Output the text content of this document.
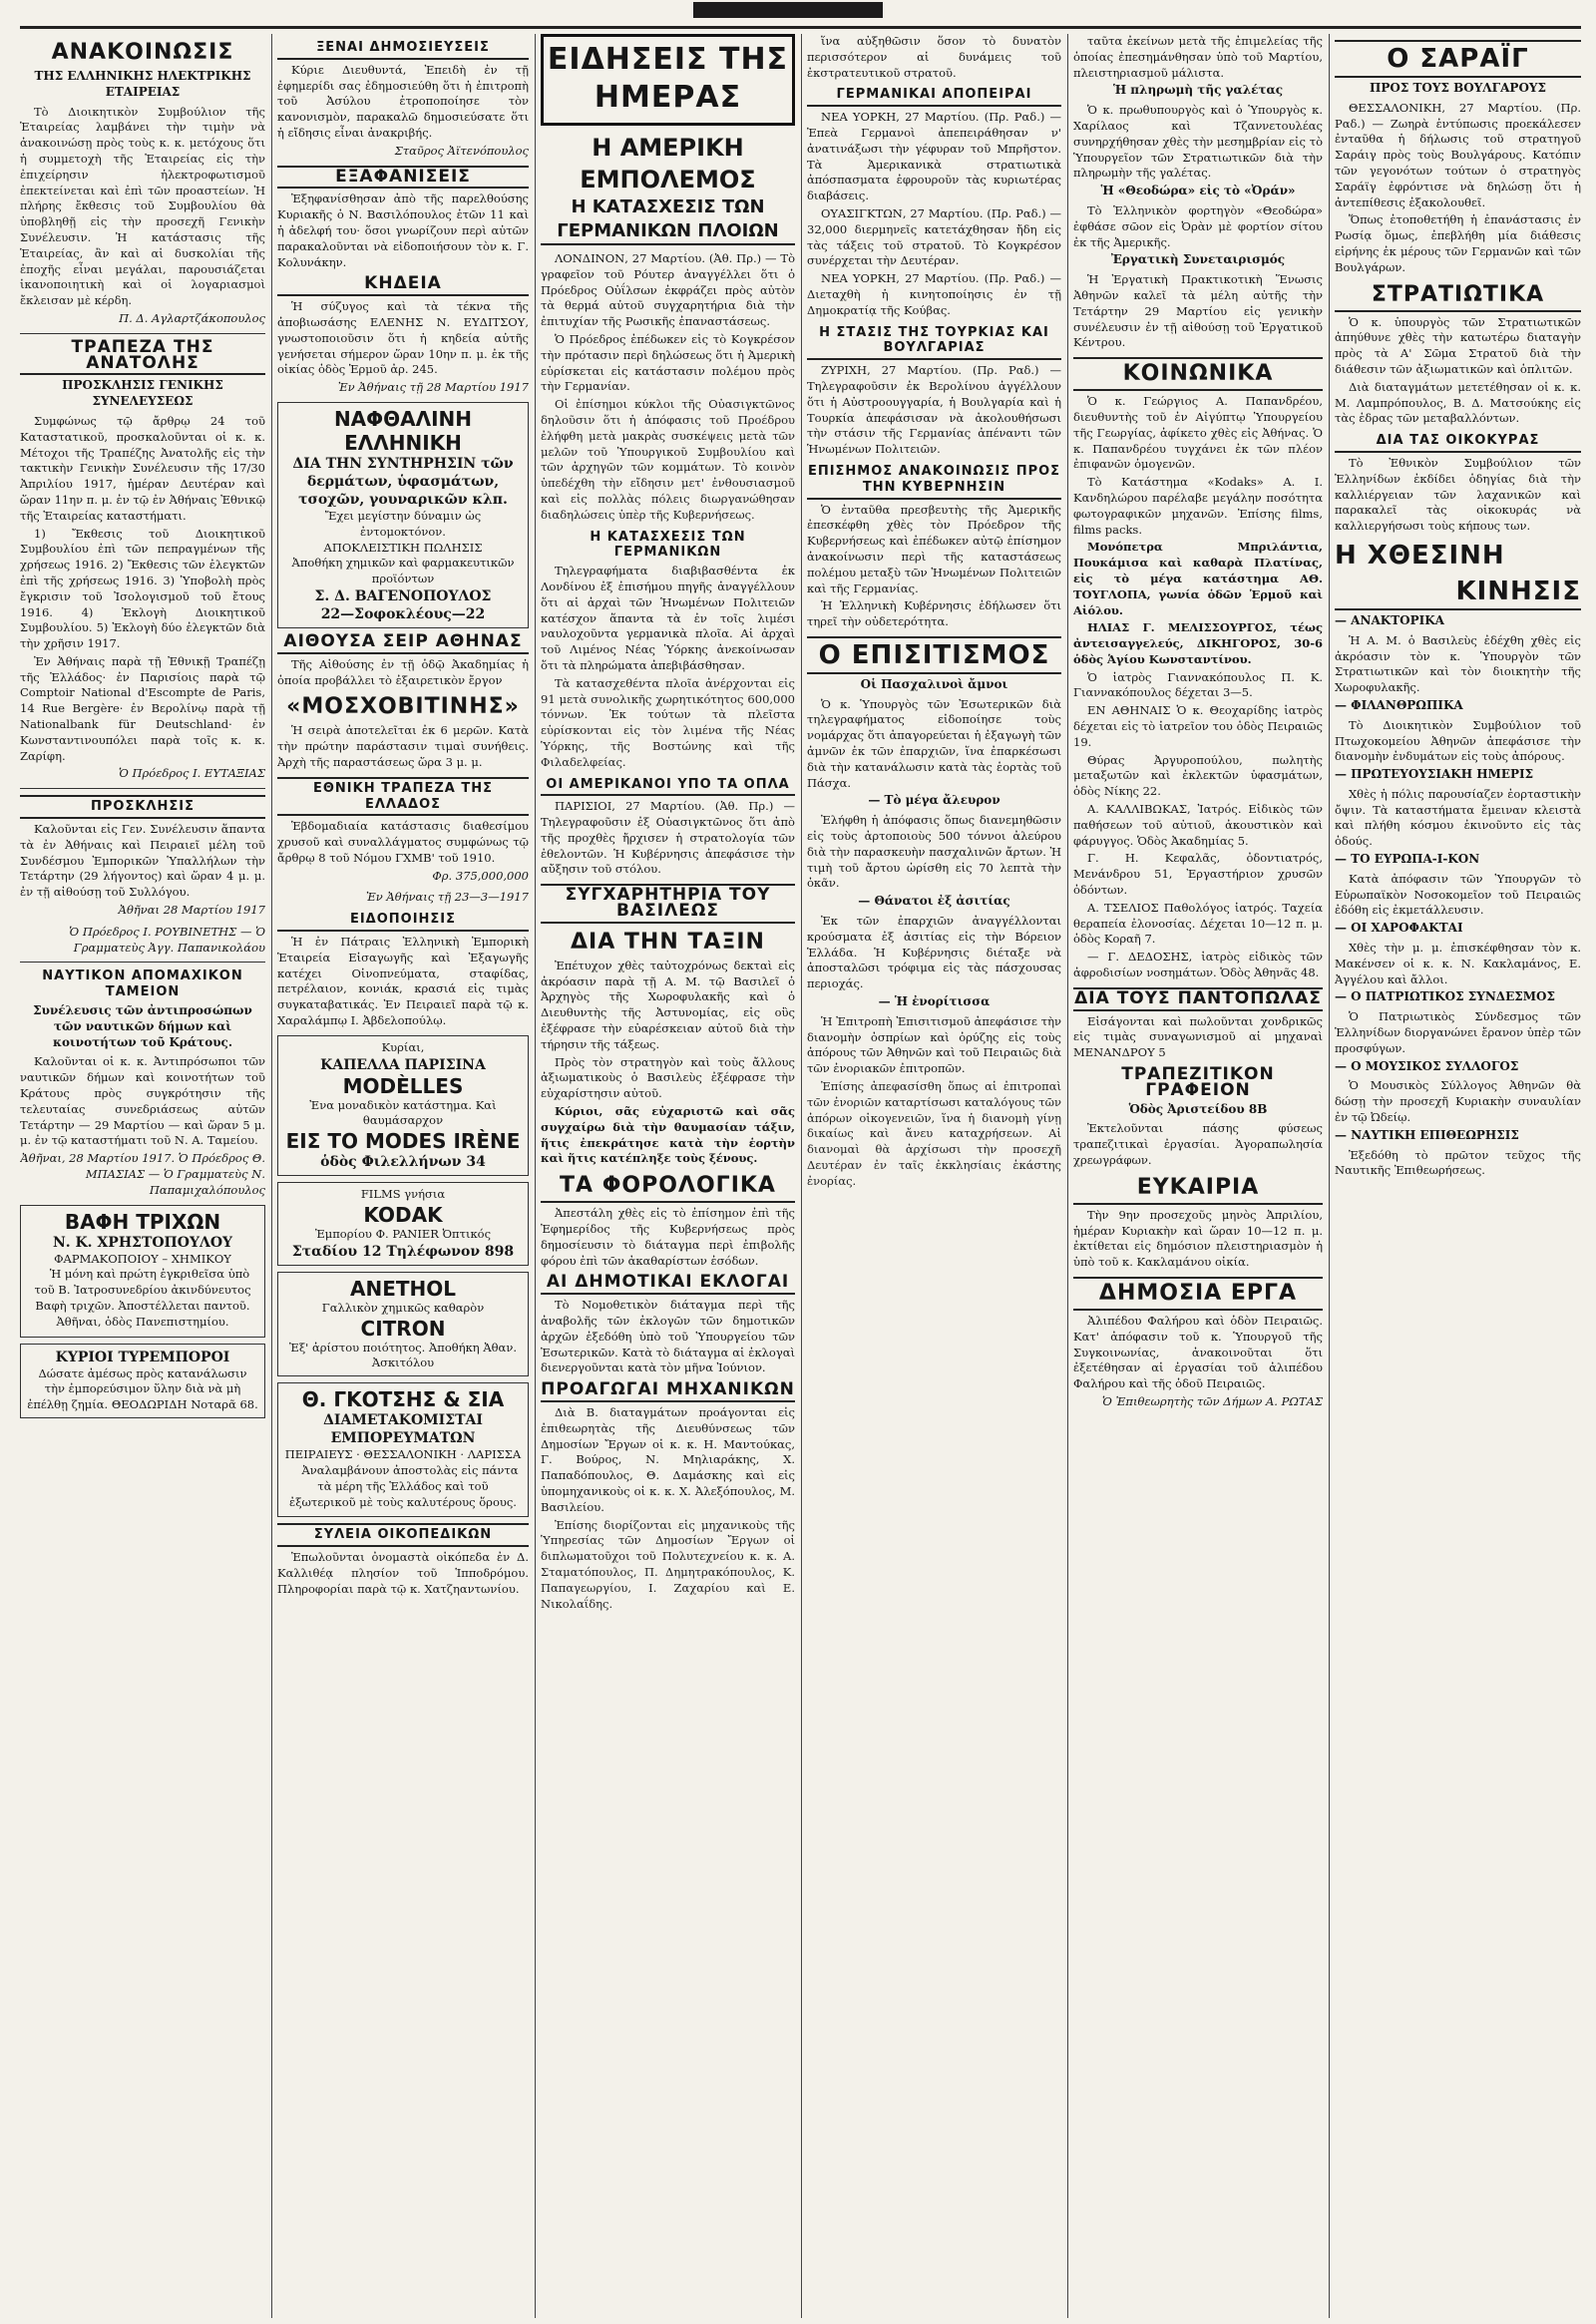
ΑΝΑΚΟΙΝΩΣΙΣ
ΤΗΣ ΕΛΛΗΝΙΚΗΣ ΗΛΕΚΤΡΙΚΗΣ ΕΤΑΙΡΕΙΑΣ

Τὸ Διοικητικὸν Συμβούλιον τῆς Ἑταιρείας λαμβάνει τὴν τιμὴν νὰ ἀνακοινώσῃ πρὸς τοὺς κ. κ. μετόχους ὅτι ἡ συμμετοχὴ τῆς Ἑταιρείας εἰς τὴν ἐπιχείρησιν ἠλεκτροφωτισμοῦ ἐπεκτείνεται καὶ ἐπὶ τῶν προαστείων. Ἡ πλήρης ἔκθεσις τοῦ Συμβουλίου θὰ ὑποβληθῇ εἰς τὴν προσεχῆ Γενικὴν Συνέλευσιν. Ἡ κατάστασις τῆς Ἑταιρείας, ἂν καὶ αἱ δυσκολίαι τῆς ἐποχῆς εἶναι μεγάλαι, παρουσιάζεται ἱκανοποιητικὴ καὶ οἱ λογαριασμοὶ ἔκλεισαν μὲ κέρδη.

Π. Δ. Αγλαρτζάκοπουλος
ΤΡΑΠΕΖΑ ΤΗΣ ΑΝΑΤΟΛΗΣ
ΠΡΟΣΚΛΗΣΙΣ ΓΕΝΙΚΗΣ ΣΥΝΕΛΕΥΣΕΩΣ

Συμφώνως τῷ ἄρθρῳ 24 τοῦ Καταστατικοῦ, προσκαλοῦνται οἱ κ. κ. Μέτοχοι τῆς Τραπέζης Ἀνατολῆς εἰς τὴν τακτικὴν Γενικὴν Συνέλευσιν τῆς 17/30 Ἀπριλίου 1917, ἡμέραν Δευτέραν καὶ ὥραν 11ην π. μ. ἐν τῷ ἐν Ἀθήναις Ἐθνικῷ τῆς Ἑταιρείας καταστήματι.

1) Ἔκθεσις τοῦ Διοικητικοῦ Συμβουλίου ἐπὶ τῶν πεπραγμένων τῆς χρήσεως 1916. 2) Ἔκθεσις τῶν ἐλεγκτῶν ἐπὶ τῆς χρήσεως 1916. 3) Ὑποβολὴ πρὸς ἔγκρισιν τοῦ Ἰσολογισμοῦ τοῦ ἔτους 1916. 4) Ἐκλογὴ Διοικητικοῦ Συμβουλίου. 5) Ἐκλογὴ δύο ἐλεγκτῶν διὰ τὴν χρῆσιν 1917.

Ἐν Ἀθήναις παρὰ τῇ Ἐθνικῇ Τραπέζῃ τῆς Ἑλλάδος· ἐν Παρισίοις παρὰ τῷ Comptoir National d'Escompte de Paris, 14 Rue Bergère· ἐν Βερολίνῳ παρὰ τῇ Nationalbank für Deutschland· ἐν Κωνσταντινουπόλει παρὰ τοῖς κ. κ. Ζαρίφη.

Ὁ Πρόεδρος Ι. ΕΥΤΑΞΙΑΣ
ΠΡΟΣΚΛΗΣΙΣ

Καλοῦνται εἰς Γεν. Συνέλευσιν ἅπαντα τὰ ἐν Ἀθήναις καὶ Πειραιεῖ μέλη τοῦ Συνδέσμου Ἐμπορικῶν Ὑπαλλήλων τὴν Τετάρτην (29 λήγοντος) καὶ ὥραν 4 μ. μ. ἐν τῇ αἰθούσῃ τοῦ Συλλόγου.

Ἀθῆναι 28 Μαρτίου 1917
Ὁ Πρόεδρος Ι. ΡΟΥΒΙΝΕΤΗΣ — Ὁ Γραμματεὺς Ἀγγ. Παπανικολάου
ΝΑΥΤΙΚΟΝ ΑΠΟΜΑΧΙΚΟΝ ΤΑΜΕΙΟΝ
Συνέλευσις τῶν ἀντιπροσώπων τῶν ναυτικῶν δήμων καὶ κοινοτήτων τοῦ Κράτους.

Καλοῦνται οἱ κ. κ. Ἀντιπρόσωποι τῶν ναυτικῶν δήμων καὶ κοινοτήτων τοῦ Κράτους πρὸς συγκρότησιν τῆς τελευταίας συνεδριάσεως αὐτῶν Τετάρτην — 29 Μαρτίου — καὶ ὥραν 5 μ. μ. ἐν τῷ καταστήματι τοῦ Ν. Α. Ταμείου.

Ἀθῆναι, 28 Μαρτίου 1917. Ὁ Πρόεδρος Θ. ΜΠΑΣΙΑΣ — Ὁ Γραμματεὺς Ν. Παπαμιχαλόπουλος
ΒΑΦΗ ΤΡΙΧΩΝ
Ν. Κ. ΧΡΗΣΤΟΠΟΥΛΟΥ
ΦΑΡΜΑΚΟΠΟΙΟΥ – ΧΗΜΙΚΟΥ

Ἡ μόνη καὶ πρώτη ἐγκριθεῖσα ὑπὸ τοῦ Β. Ἰατροσυνεδρίου ἀκινδύνευτος Βαφὴ τριχῶν. Ἀποστέλλεται παντοῦ. Ἀθῆναι, ὁδὸς Πανεπιστημίου.

ΚΥΡΙΟΙ ΤΥΡΕΜΠΟΡΟΙ
Δώσατε ἀμέσως πρὸς κατανάλωσιν τὴν ἐμπορεύσιμον ὕλην διὰ νὰ μὴ ἐπέλθῃ ζημία. ΘΕΟΔΩΡΙΔΗ Νοταρᾶ 68.
ΞΕΝΑΙ ΔΗΜΟΣΙΕΥΣΕΙΣ

Κύριε Διευθυντά, Ἐπειδὴ ἐν τῇ ἐφημερίδι σας ἐδημοσιεύθη ὅτι ἡ ἐπιτροπὴ τοῦ Ἀσύλου ἐτροποποίησε τὸν κανονισμὸν, παρακαλῶ δημοσιεύσατε ὅτι ἡ εἴδησις εἶναι ἀνακριβής.

Σταῦρος Ἀϊτενόπουλος
ΕΞΑΦΑΝΙΣΕΙΣ

Ἐξηφανίσθησαν ἀπὸ τῆς παρελθούσης Κυριακῆς ὁ Ν. Βασιλόπουλος ἐτῶν 11 καὶ ἡ ἀδελφή του· ὅσοι γνωρίζουν περὶ αὐτῶν παρακαλοῦνται νὰ εἰδοποιήσουν τὸν κ. Γ. Κολυνάκην.

ΚΗΔΕΙΑ

Ἡ σύζυγος καὶ τὰ τέκνα τῆς ἀποβιωσάσης ΕΛΕΝΗΣ Ν. ΕΥΔΙΤΣΟΥ, γνωστοποιοῦσιν ὅτι ἡ κηδεία αὐτῆς γενήσεται σήμερον ὥραν 10ην π. μ. ἐκ τῆς οἰκίας ὁδὸς Ἑρμοῦ ἀρ. 245.

Ἐν Ἀθήναις τῇ 28 Μαρτίου 1917
ΝΑΦΘΑΛΙΝΗ ΕΛΛΗΝΙΚΗ
ΔΙΑ ΤΗΝ ΣΥΝΤΗΡΗΣΙΝ τῶν δερμάτων, ὑφασμάτων, τσοχῶν, γουναρικῶν κλπ.
Ἔχει μεγίστην δύναμιν ὡς ἐντομοκτόνον.
ΑΠΟΚΛΕΙΣΤΙΚΗ ΠΩΛΗΣΙΣ
Ἀποθήκη χημικῶν καὶ φαρμακευτικῶν προϊόντων
Σ. Δ. ΒΑΓΕΝΟΠΟΥΛΟΣ
22—Σοφοκλέους—22
ΑΙΘΟΥΣΑ ΣΕΙΡ ΑΘΗΝΑΣ

Τῆς Αἰθούσης ἐν τῇ ὁδῷ Ἀκαδημίας ἡ ὁποία προβάλλει τὸ ἐξαιρετικὸν ἔργον

«ΜΟΣΧΟΒΙΤΙΝΗΣ»

Ἡ σειρὰ ἀποτελεῖται ἐκ 6 μερῶν. Κατὰ τὴν πρώτην παράστασιν τιμαὶ συνήθεις. Ἀρχὴ τῆς παραστάσεως ὥρα 3 μ. μ.

ΕΘΝΙΚΗ ΤΡΑΠΕΖΑ ΤΗΣ ΕΛΛΑΔΟΣ

Ἑβδομαδιαία κατάστασις διαθεσίμου χρυσοῦ καὶ συναλλάγματος συμφώνως τῷ ἄρθρῳ 8 τοῦ Νόμου ΓΧΜΒ' τοῦ 1910.

Φρ. 375,000,000
Ἐν Ἀθήναις τῇ 23—3—1917
ΕΙΔΟΠΟΙΗΣΙΣ

Ἡ ἐν Πάτραις Ἑλληνικὴ Ἐμπορικὴ Ἑταιρεία Εἰσαγωγῆς καὶ Ἐξαγωγῆς κατέχει Οἰνοπνεύματα, σταφίδας, πετρέλαιον, κονιάκ, κρασιά εἰς τιμὰς συγκαταβατικάς. Ἐν Πειραιεῖ παρὰ τῷ κ. Χαραλάμπῳ Ι. Ἀβδελοπούλῳ.

Κυρίαι,
ΚΑΠΕΛΛΑ ΠΑΡΙΣΙΝΑ
MODÈLLES
Ἐνα μοναδικὸν κατάστημα. Καὶ θαυμάσαρχον
ΕΙΣ ΤΟ MODES IRÈNE
ὁδὸς Φιλελλήνων 34
FILMS γνήσια
KODAK
Ἐμπορίου Φ. PANIER Ὀπτικός
Σταδίου 12 Τηλέφωνον 898
ANETHOL
Γαλλικὸν χημικῶς καθαρὸν
CITRON
Ἐξ' ἀρίστου ποιότητος. Ἀποθήκη Ἀθαν. Ἀσκιτόλου
Θ. ΓΚΟΤΣΗΣ & ΣΙΑ
ΔΙΑΜΕΤΑΚΟΜΙΣΤΑΙ ΕΜΠΟΡΕΥΜΑΤΩΝ
ΠΕΙΡΑΙΕΥΣ · ΘΕΣΣΑΛΟΝΙΚΗ · ΛΑΡΙΣΣΑ

Ἀναλαμβάνουν ἀποστολὰς εἰς πάντα τὰ μέρη τῆς Ἑλλάδος καὶ τοῦ ἐξωτερικοῦ μὲ τοὺς καλυτέρους ὅρους.

ΣΥΛΕΙΑ ΟΙΚΟΠΕΔΙΚΩΝ

Ἐπωλοῦνται ὀνομαστὰ οἰκόπεδα ἐν Δ. Καλλιθέᾳ πλησίον τοῦ Ἱπποδρόμου. Πληροφορίαι παρὰ τῷ κ. Χατζηαντωνίου.

ΕΙΔΗΣΕΙΣ ΤΗΣ ΗΜΕΡΑΣ
Η ΑΜΕΡΙΚΗ ΕΜΠΟΛΕΜΟΣ
Η ΚΑΤΑΣΧΕΣΙΣ ΤΩΝ ΓΕΡΜΑΝΙΚΩΝ ΠΛΟΙΩΝ

ΛΟΝΔΙΝΟΝ, 27 Μαρτίου. (Ἀθ. Πρ.) — Τὸ γραφεῖον τοῦ Ρόυτερ ἀναγγέλλει ὅτι ὁ Πρόεδρος Οὐΐλσων ἐκφράζει πρὸς αὐτὸν τὰ θερμά αὐτοῦ συγχαρητήρια διὰ τὴν ἐπιτυχίαν τῆς Ρωσικῆς ἐπαναστάσεως.

Ὁ Πρόεδρος ἐπέδωκεν εἰς τὸ Κογκρέσον τὴν πρότασιν περὶ δηλώσεως ὅτι ἡ Ἀμερικὴ εὑρίσκεται εἰς κατάστασιν πολέμου πρὸς τὴν Γερμανίαν.

Οἱ ἐπίσημοι κύκλοι τῆς Οὐασιγκτῶνος δηλοῦσιν ὅτι ἡ ἀπόφασις τοῦ Προέδρου ἐλήφθη μετὰ μακρὰς συσκέψεις μετὰ τῶν μελῶν τοῦ Ὑπουργικοῦ Συμβουλίου καὶ τῶν ἀρχηγῶν τῶν κομμάτων. Τὸ κοινὸν ὑπεδέχθη τὴν εἴδησιν μετ' ἐνθουσιασμοῦ καὶ εἰς πολλὰς πόλεις διωργανώθησαν διαδηλώσεις ὑπὲρ τῆς Κυβερνήσεως.

Η ΚΑΤΑΣΧΕΣΙΣ ΤΩΝ ΓΕΡΜΑΝΙΚΩΝ

Τηλεγραφήματα διαβιβασθέντα ἐκ Λονδίνου ἐξ ἐπισήμου πηγῆς ἀναγγέλλουν ὅτι αἱ ἀρχαὶ τῶν Ἡνωμένων Πολιτειῶν κατέσχον ἅπαντα τὰ ἐν τοῖς λιμέσι ναυλοχοῦντα γερμανικὰ πλοῖα. Αἱ ἀρχαὶ τοῦ Λιμένος Νέας Ὑόρκης ἀνεκοίνωσαν ὅτι τὰ πληρώματα ἀπεβιβάσθησαν.

Τὰ κατασχεθέντα πλοῖα ἀνέρχονται εἰς 91 μετὰ συνολικῆς χωρητικότητος 600,000 τόννων. Ἐκ τούτων τὰ πλεῖστα εὑρίσκονται εἰς τὸν λιμένα τῆς Νέας Ὑόρκης, τῆς Βοστώνης καὶ τῆς Φιλαδελφείας.

ΟΙ ΑΜΕΡΙΚΑΝΟΙ ΥΠΟ ΤΑ ΟΠΛΑ

ΠΑΡΙΣΙΟΙ, 27 Μαρτίου. (Ἀθ. Πρ.) — Τηλεγραφοῦσιν ἐξ Οὐασιγκτῶνος ὅτι ἀπὸ τῆς προχθὲς ἤρχισεν ἡ στρατολογία τῶν ἐθελοντῶν. Ἡ Κυβέρνησις ἀπεφάσισε τὴν αὔξησιν τοῦ στόλου.

ΣΥΓΧΑΡΗΤΗΡΙΑ ΤΟΥ ΒΑΣΙΛΕΩΣ
ΔΙΑ ΤΗΝ ΤΑΞΙΝ

Ἐπέτυχον χθὲς ταὐτοχρόνως δεκταὶ εἰς ἀκρόασιν παρὰ τῇ Α. Μ. τῷ Βασιλεῖ ὁ Ἀρχηγὸς τῆς Χωροφυλακῆς καὶ ὁ Διευθυντὴς τῆς Ἀστυνομίας, εἰς οὓς ἐξέφρασε τὴν εὐαρέσκειαν αὐτοῦ διὰ τὴν τήρησιν τῆς τάξεως.

Πρὸς τὸν στρατηγὸν καὶ τοὺς ἄλλους ἀξιωματικοὺς ὁ Βασιλεὺς ἐξέφρασε τὴν εὐχαρίστησιν αὐτοῦ.

Κύριοι, σᾶς εὐχαριστῶ καὶ σᾶς συγχαίρω διὰ τὴν θαυμασίαν τάξιν, ἥτις ἐπεκράτησε κατὰ τὴν ἑορτὴν καὶ ἥτις κατέπληξε τοὺς ξένους.

ΤΑ ΦΟΡΟΛΟΓΙΚΑ

Ἀπεστάλη χθὲς εἰς τὸ ἐπίσημον ἐπὶ τῆς Ἐφημερίδος τῆς Κυβερνήσεως πρὸς δημοσίευσιν τὸ διάταγμα περὶ ἐπιβολῆς φόρου ἐπὶ τῶν ἀκαθαρίστων ἐσόδων.

ΑΙ ΔΗΜΟΤΙΚΑΙ ΕΚΛΟΓΑΙ

Τὸ Νομοθετικὸν διάταγμα περὶ τῆς ἀναβολῆς τῶν ἐκλογῶν τῶν δημοτικῶν ἀρχῶν ἐξεδόθη ὑπὸ τοῦ Ὑπουργείου τῶν Ἐσωτερικῶν. Κατὰ τὸ διάταγμα αἱ ἐκλογαὶ διενεργοῦνται κατὰ τὸν μῆνα Ἰούνιον.

ΠΡΟΑΓΩΓΑΙ ΜΗΧΑΝΙΚΩΝ

Διὰ Β. διαταγμάτων προάγονται εἰς ἐπιθεωρητὰς τῆς Διευθύνσεως τῶν Δημοσίων Ἔργων οἱ κ. κ. Η. Μαντούκας, Γ. Βούρος, Ν. Μηλιαράκης, Χ. Παπαδόπουλος, Θ. Δαμάσκης καὶ εἰς ὑπομηχανικοὺς οἱ κ. κ. Χ. Ἀλεξόπουλος, Μ. Βασιλείου.

Ἐπίσης διορίζονται εἰς μηχανικοὺς τῆς Ὑπηρεσίας τῶν Δημοσίων Ἔργων οἱ διπλωματοῦχοι τοῦ Πολυτεχνείου κ. κ. Α. Σταματόπουλος, Π. Δημητρακόπουλος, Κ. Παπαγεωργίου, Ι. Ζαχαρίου καὶ Ε. Νικολαΐδης.

ἵνα αὐξηθῶσιν ὅσον τὸ δυνατὸν περισσότερον αἱ δυνάμεις τοῦ ἐκστρατευτικοῦ στρατοῦ.

ΓΕΡΜΑΝΙΚΑΙ ΑΠΟΠΕΙΡΑΙ

ΝΕΑ ΥΟΡΚΗ, 27 Μαρτίου. (Πρ. Ραδ.) — Ἐπεὰ Γερμανοὶ ἀπεπειράθησαν ν' ἀνατινάξωσι τὴν γέφυραν τοῦ Μπρῆστον. Τὰ Ἀμερικανικὰ στρατιωτικὰ ἀπόσπασματα ἐφρουροῦν τὰς κυριωτέρας διαβάσεις.

ΟΥΑΣΙΓΚΤΩΝ, 27 Μαρτίου. (Πρ. Ραδ.) — 32,000 διερμηνεῖς κατετάχθησαν ἤδη εἰς τὰς τάξεις τοῦ στρατοῦ. Τὸ Κογκρέσον συνέρχεται τὴν Δευτέραν.

ΝΕΑ ΥΟΡΚΗ, 27 Μαρτίου. (Πρ. Ραδ.) — Διεταχθὴ ἡ κινητοποίησις ἐν τῇ Δημοκρατίᾳ τῆς Κούβας.

Η ΣΤΑΣΙΣ ΤΗΣ ΤΟΥΡΚΙΑΣ ΚΑΙ ΒΟΥΛΓΑΡΙΑΣ

ΖΥΡΙΧΗ, 27 Μαρτίου. (Πρ. Ραδ.) — Τηλεγραφοῦσιν ἐκ Βερολίνου ἀγγέλλουν ὅτι ἡ Αὐστροουγγαρία, ἡ Βουλγαρία καὶ ἡ Τουρκία ἀπεφάσισαν νὰ ἀκολουθήσωσι τὴν στάσιν τῆς Γερμανίας ἀπέναντι τῶν Ἡνωμένων Πολιτειῶν.

ΕΠΙΣΗΜΟΣ ΑΝΑΚΟΙΝΩΣΙΣ ΠΡΟΣ ΤΗΝ ΚΥΒΕΡΝΗΣΙΝ

Ὁ ἐνταῦθα πρεσβευτὴς τῆς Ἀμερικῆς ἐπεσκέφθη χθὲς τὸν Πρόεδρον τῆς Κυβερνήσεως καὶ ἐπέδωκεν αὐτῷ ἐπίσημον ἀνακοίνωσιν περὶ τῆς καταστάσεως πολέμου μεταξὺ τῶν Ἡνωμένων Πολιτειῶν καὶ τῆς Γερμανίας.

Ἡ Ἑλληνικὴ Κυβέρνησις ἐδήλωσεν ὅτι τηρεῖ τὴν οὐδετερότητα.

Ο ΕΠΙΣΙΤΙΣΜΟΣ
Οἱ Πασχαλινοὶ ἄμνοι

Ὁ κ. Ὑπουργὸς τῶν Ἐσωτερικῶν διὰ τηλεγραφήματος εἰδοποίησε τοὺς νομάρχας ὅτι ἀπαγορεύεται ἡ ἐξαγωγὴ τῶν ἀμνῶν ἐκ τῶν ἐπαρχιῶν, ἵνα ἐπαρκέσωσι διὰ τὴν κατανάλωσιν κατὰ τὰς ἑορτὰς τοῦ Πάσχα.

— Τὸ μέγα ἄλευρον

Ἐλήφθη ἡ ἀπόφασις ὅπως διανεμηθῶσιν εἰς τοὺς ἀρτοποιοὺς 500 τόννοι ἀλεύρου διὰ τὴν παρασκευὴν πασχαλινῶν ἄρτων. Ἡ τιμὴ τοῦ ἄρτου ὡρίσθη εἰς 70 λεπτὰ τὴν ὀκᾶν.

— Θάνατοι ἐξ ἀσιτίας

Ἐκ τῶν ἐπαρχιῶν ἀναγγέλλονται κρούσματα ἐξ ἀσιτίας εἰς τὴν Βόρειον Ἑλλάδα. Ἡ Κυβέρνησις διέταξε νὰ ἀποσταλῶσι τρόφιμα εἰς τὰς πάσχουσας περιοχάς.

— Ἡ ἐνορίτισσα

Ἡ Ἐπιτροπὴ Ἐπισιτισμοῦ ἀπεφάσισε τὴν διανομὴν ὀσπρίων καὶ ὀρύζης εἰς τοὺς ἀπόρους τῶν Ἀθηνῶν καὶ τοῦ Πειραιῶς διὰ τῶν ἐνοριακῶν ἐπιτροπῶν.

Ἐπίσης ἀπεφασίσθη ὅπως αἱ ἐπιτροπαὶ τῶν ἐνοριῶν καταρτίσωσι καταλόγους τῶν ἀπόρων οἰκογενειῶν, ἵνα ἡ διανομὴ γίνῃ δικαίως καὶ ἄνευ καταχρήσεων. Αἱ διανομαὶ θὰ ἀρχίσωσι τὴν προσεχῆ Δευτέραν ἐν ταῖς ἐκκλησίαις ἑκάστης ἐνορίας.

ταῦτα ἐκείνων μετὰ τῆς ἐπιμελείας τῆς ὁποίας ἐπεσημάνθησαν ὑπὸ τοῦ Μαρτίου, πλειστηριασμοῦ μάλιστα.

Ἡ πληρωμὴ τῆς γαλέτας

Ὁ κ. πρωθυπουργὸς καὶ ὁ Ὑπουργὸς κ. Χαρίλαος καὶ Τζαννετουλέας συνηρχήθησαν χθὲς τὴν μεσημβρίαν εἰς τὸ Ὑπουργεῖον τῶν Στρατιωτικῶν διὰ τὴν πληρωμὴν τῆς γαλέτας.

Ἡ «Θεοδώρα» εἰς τὸ «Ὀράν»

Τὸ Ἑλληνικὸν φορτηγὸν «Θεοδώρα» ἐφθάσε σῶον εἰς Ὀρὰν μὲ φορτίον σίτου ἐκ τῆς Ἀμερικῆς.

Ἐργατικὴ Συνεταιρισμός

Ἡ Ἐργατικὴ Πρακτικοτικὴ Ἕνωσις Ἀθηνῶν καλεῖ τὰ μέλη αὐτῆς τὴν Τετάρτην 29 Μαρτίου εἰς γενικὴν συνέλευσιν ἐν τῇ αἰθούσῃ τοῦ Ἐργατικοῦ Κέντρου.

ΚΟΙΝΩΝΙΚΑ

Ὁ κ. Γεώργιος Α. Παπανδρέου, διευθυντὴς τοῦ ἐν Αἰγύπτῳ Ὑπουργείου τῆς Γεωργίας, ἀφίκετο χθὲς εἰς Ἀθήνας. Ὁ κ. Παπανδρέου τυγχάνει ἐκ τῶν πλέον ἐπιφανῶν ὁμογενῶν.

Τὸ Κατάστημα «Kodaks» Α. Ι. Κανδηλώρου παρέλαβε μεγάλην ποσότητα φωτογραφικῶν μηχανῶν. Ἐπίσης films, films packs.

Μονόπετρα Μπριλάντια, Πουκάμισα καὶ καθαρὰ Πλατίνας, εἰς τὸ μέγα κατάστημα ΑΘ. ΤΟΥΓΛΟΠΑ, γωνία ὁδῶν Ἑρμοῦ καὶ Αἰόλου.

ΗΛΙΑΣ Γ. ΜΕΛΙΣΣΟΥΡΓΟΣ, τέως ἀντεισαγγελεύς, ΔΙΚΗΓΟΡΟΣ, 30-6 ὁδὸς Ἁγίου Κωνσταντίνου.

Ὁ ἰατρὸς Γιαννακόπουλος Π. Κ. Γιαννακόπουλος δέχεται 3—5.

ΕΝ ΑΘΗΝΑΙΣ Ὁ κ. Θεοχαρίδης ἰατρὸς δέχεται εἰς τὸ ἰατρεῖον του ὁδὸς Πειραιῶς 19.

Θύρας Ἀργυροπούλου, πωλητὴς μεταξωτῶν καὶ ἐκλεκτῶν ὑφασμάτων, ὁδὸς Νίκης 22.

Α. ΚΑΛΛΙΒΩΚΑΣ, Ἰατρός. Εἰδικὸς τῶν παθήσεων τοῦ αὐτιοῦ, ἀκουστικὸν καὶ φάρυγγος. Ὁδὸς Ἀκαδημίας 5.

Γ. Η. Κεφαλᾶς, ὀδοντιατρός, Μενάνδρου 51, Ἐργαστήριον χρυσῶν ὀδόντων.

Α. ΤΣΕΛΙΟΣ Παθολόγος ἰατρός. Ταχεία θεραπεία ἐλονοσίας. Δέχεται 10—12 π. μ. ὁδὸς Κοραῆ 7.

— Γ. ΔΕΔΟΣΗΣ, ἰατρὸς εἰδικὸς τῶν ἀφροδισίων νοσημάτων. Ὁδὸς Ἀθηνᾶς 48.

ΔΙΑ ΤΟΥΣ ΠΑΝΤΟΠΩΛΑΣ

Εἰσάγονται καὶ πωλοῦνται χονδρικῶς εἰς τιμὰς συναγωνισμοῦ αἱ μηχαναὶ ΜΕΝΑΝΔΡΟΥ 5

ΤΡΑΠΕΖΙΤΙΚΟΝ ΓΡΑΦΕΙΟΝ
Ὁδὸς Ἀριστείδου 8Β

Ἐκτελοῦνται πάσης φύσεως τραπεζιτικαὶ ἐργασίαι. Ἀγοραπωλησία χρεωγράφων.

ΕΥΚΑΙΡΙΑ

Τὴν 9ην προσεχοῦς μηνὸς Ἀπριλίου, ἡμέραν Κυριακὴν καὶ ὥραν 10—12 π. μ. ἐκτίθεται εἰς δημόσιον πλειστηριασμὸν ἡ ὑπὸ τοῦ κ. Κακλαμάνου οἰκία.

ΔΗΜΟΣΙΑ ΕΡΓΑ

Ἀλιπέδου Φαλήρου καὶ ὁδὸν Πειραιῶς. Κατ' ἀπόφασιν τοῦ κ. Ὑπουργοῦ τῆς Συγκοινωνίας, ἀνακοινοῦται ὅτι ἐξετέθησαν αἱ ἐργασίαι τοῦ ἀλιπέδου Φαλήρου καὶ τῆς ὁδοῦ Πειραιῶς.

Ὁ Ἐπιθεωρητὴς τῶν Δήμων Α. ΡΩΤΑΣ
Ο ΣΑΡΑΪΓ
ΠΡΟΣ ΤΟΥΣ ΒΟΥΛΓΑΡΟΥΣ

ΘΕΣΣΑΛΟΝΙΚΗ, 27 Μαρτίου. (Πρ. Ραδ.) — Ζωηρὰ ἐντύπωσις προεκάλεσεν ἐνταῦθα ἡ δήλωσις τοῦ στρατηγοῦ Σαράιγ πρὸς τοὺς Βουλγάρους. Κατόπιν τῶν γεγονότων τούτων ὁ στρατηγὸς Σαράϊγ ἐφρόντισε νὰ δηλώσῃ ὅτι ἡ ἀντεπίθεσις ἐξακολουθεῖ.

Ὅπως ἐτοποθετήθη ἡ ἐπανάστασις ἐν Ρωσίᾳ ὅμως, ἐπεβλήθη μία διάθεσις εἰρήνης ἐκ μέρους τῶν Γερμανῶν καὶ τῶν Βουλγάρων.

ΣΤΡΑΤΙΩΤΙΚΑ

Ὁ κ. ὑπουργὸς τῶν Στρατιωτικῶν ἀπηύθυνε χθὲς τὴν κατωτέρω διαταγὴν πρὸς τὰ Α' Σῶμα Στρατοῦ διὰ τὴν διάθεσιν τῶν ἀξιωματικῶν καὶ ὁπλιτῶν.

Διὰ διαταγμάτων μετετέθησαν οἱ κ. κ. Μ. Λαμπρόπουλος, Β. Δ. Ματσούκης εἰς τὰς ἑδρας τῶν μεταβαλλόντων.

ΔΙΑ ΤΑΣ ΟΙΚΟΚΥΡΑΣ

Τὸ Ἐθνικὸν Συμβούλιον τῶν Ἑλληνίδων ἐκδίδει ὁδηγίας διὰ τὴν καλλιέργειαν τῶν λαχανικῶν καὶ παρακαλεῖ τὰς οἰκοκυράς νὰ καλλιεργήσωσι τοὺς κήπους των.

Η ΧΘΕΣΙΝΗ
ΚΙΝΗΣΙΣ
— ΑΝΑΚΤΟΡΙΚΑ

Ἡ Α. Μ. ὁ Βασιλεὺς ἐδέχθη χθὲς εἰς ἀκρόασιν τὸν κ. Ὑπουργὸν τῶν Στρατιωτικῶν καὶ τὸν διοικητὴν τῆς Χωροφυλακῆς.

— ΦΙΛΑΝΘΡΩΠΙΚΑ

Τὸ Διοικητικὸν Συμβούλιον τοῦ Πτωχοκομείου Ἀθηνῶν ἀπεφάσισε τὴν διανομὴν ἐνδυμάτων εἰς τοὺς ἀπόρους.

— ΠΡΩΤΕΥΟΥΣΙΑΚΗ ΗΜΕΡΙΣ

Χθὲς ἡ πόλις παρουσίαζεν ἐορταστικὴν ὄψιν. Τὰ καταστήματα ἔμειναν κλειστὰ καὶ πλήθη κόσμου ἐκινοῦντο εἰς τὰς ὁδούς.

— ΤΟ ΕΥΡΩΠΑ-Ι-ΚΟΝ

Κατὰ ἀπόφασιν τῶν Ὑπουργῶν τὸ Εὐρωπαϊκὸν Νοσοκομεῖον τοῦ Πειραιῶς ἐδόθη εἰς ἐκμετάλλευσιν.

— ΟΙ ΧΑΡΟΦΑΚΤΑΙ

Χθὲς τὴν μ. μ. ἐπισκέφθησαν τὸν κ. Μακένσεν οἱ κ. κ. Ν. Κακλαμάνος, Ε. Ἀγγέλου καὶ ἄλλοι.

— Ο ΠΑΤΡΙΩΤΙΚΟΣ ΣΥΝΔΕΣΜΟΣ

Ὁ Πατριωτικὸς Σύνδεσμος τῶν Ἑλληνίδων διοργανώνει ἔρανον ὑπὲρ τῶν προσφύγων.

— Ο ΜΟΥΣΙΚΟΣ ΣΥΛΛΟΓΟΣ

Ὁ Μουσικὸς Σύλλογος Ἀθηνῶν θὰ δώσῃ τὴν προσεχῆ Κυριακὴν συναυλίαν ἐν τῷ Ὠδείῳ.

— ΝΑΥΤΙΚΗ ΕΠΙΘΕΩΡΗΣΙΣ

Ἐξεδόθη τὸ πρῶτον τεῦχος τῆς Ναυτικῆς Ἐπιθεωρήσεως.
